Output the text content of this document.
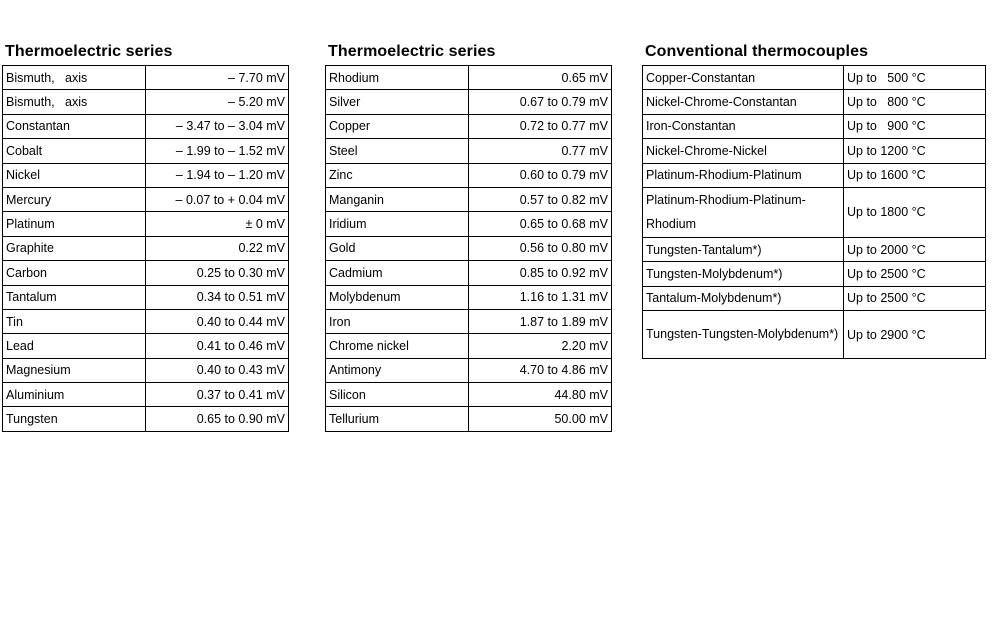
Thermoelectric series
Bismuth,   axis	– 7.70 mV
Bismuth,   axis	– 5.20 mV
Constantan	– 3.47 to – 3.04 mV
Cobalt	– 1.99 to – 1.52 mV
Nickel	– 1.94 to – 1.20 mV
Mercury	– 0.07 to + 0.04 mV
Platinum	± 0 mV
Graphite	0.22 mV
Carbon	0.25 to 0.30 mV
Tantalum	0.34 to 0.51 mV
Tin	0.40 to 0.44 mV
Lead	0.41 to 0.46 mV
Magnesium	0.40 to 0.43 mV
Aluminium	0.37 to 0.41 mV
Tungsten	0.65 to 0.90 mV
Thermoelectric series
Rhodium	0.65 mV
Silver	0.67 to 0.79 mV
Copper	0.72 to 0.77 mV
Steel	0.77 mV
Zinc	0.60 to 0.79 mV
Manganin	0.57 to 0.82 mV
Iridium	0.65 to 0.68 mV
Gold	0.56 to 0.80 mV
Cadmium	0.85 to 0.92 mV
Molybdenum	1.16 to 1.31 mV
Iron	1.87 to 1.89 mV
Chrome nickel	2.20 mV
Antimony	4.70 to 4.86 mV
Silicon	44.80 mV
Tellurium	50.00 mV
Conventional thermocouples
Copper-Constantan	Up to   500 °C
Nickel-Chrome-Constantan	Up to   800 °C
Iron-Constantan	Up to   900 °C
Nickel-Chrome-Nickel	Up to 1200 °C
Platinum-Rhodium-Platinum	Up to 1600 °C
Platinum-Rhodium-Platinum-Rhodium	Up to 1800 °C
Tungsten-Tantalum*)	Up to 2000 °C
Tungsten-Molybdenum*)	Up to 2500 °C
Tantalum-Molybdenum*)	Up to 2500 °C
Tungsten-Tungsten-Molybdenum*)	Up to 2900 °C
